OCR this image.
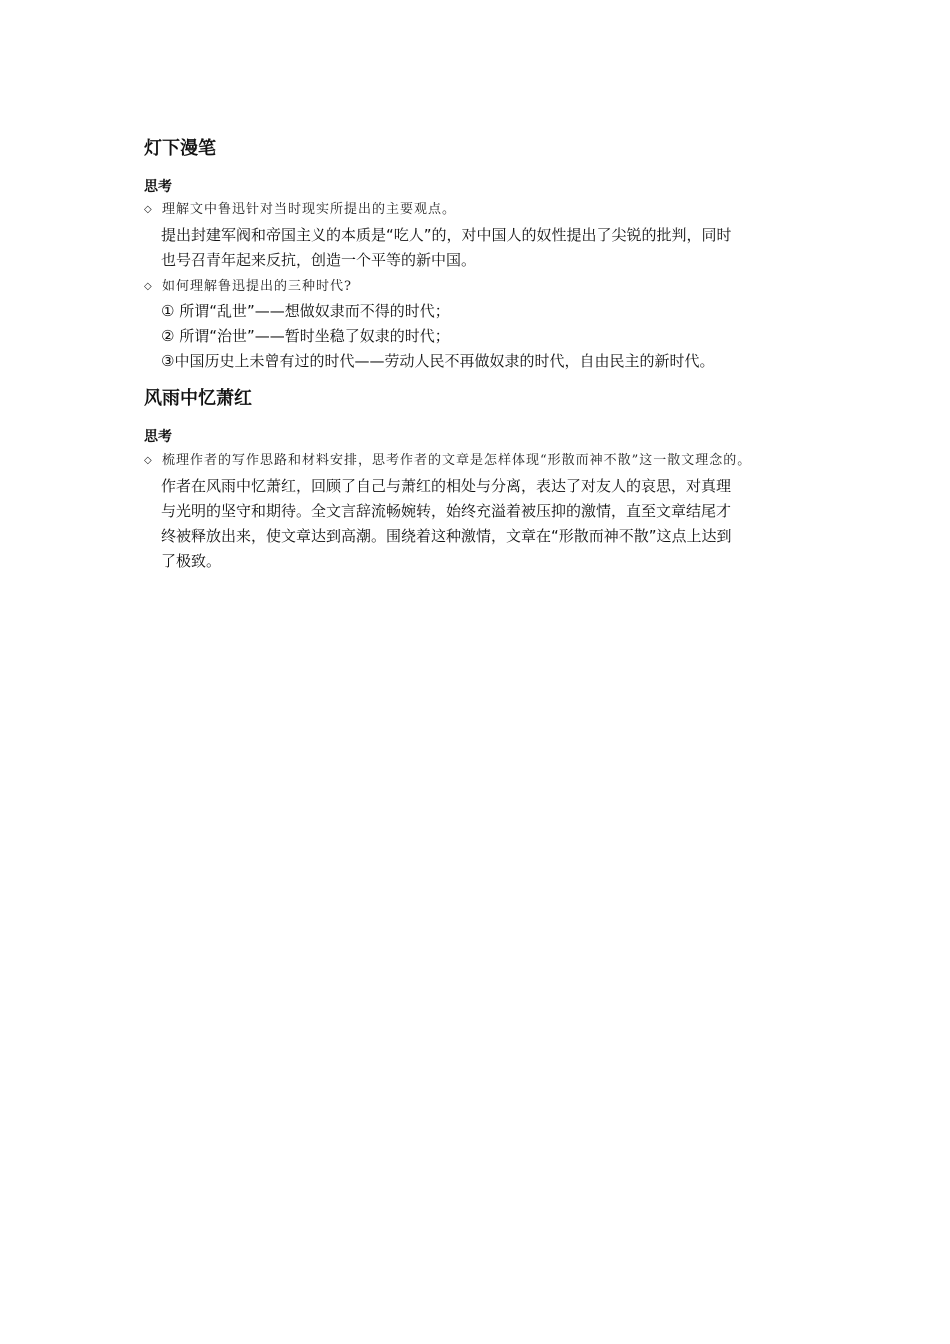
灯下漫笔
思考
◇ 理解文中鲁迅针对当时现实所提出的主要观点。
提出封建军阀和帝国主义的本质是“吃人”的，对中国人的奴性提出了尖锐的批判，同时
也号召青年起来反抗，创造一个平等的新中国。
◇ 如何理解鲁迅提出的三种时代?
① 所谓“乱世”——想做奴隶而不得的时代；
② 所谓“治世”——暂时坐稳了奴隶的时代；
③中国历史上未曾有过的时代——劳动人民不再做奴隶的时代，自由民主的新时代。
风雨中忆萧红
思考
◇ 梳理作者的写作思路和材料安排，思考作者的文章是怎样体现“形散而神不散”这一散文理念的。
作者在风雨中忆萧红，回顾了自己与萧红的相处与分离，表达了对友人的哀思，对真理
与光明的坚守和期待。全文言辞流畅婉转，始终充溢着被压抑的激情，直至文章结尾才
终被释放出来，使文章达到高潮。围绕着这种激情，文章在“形散而神不散”这点上达到
了极致。
